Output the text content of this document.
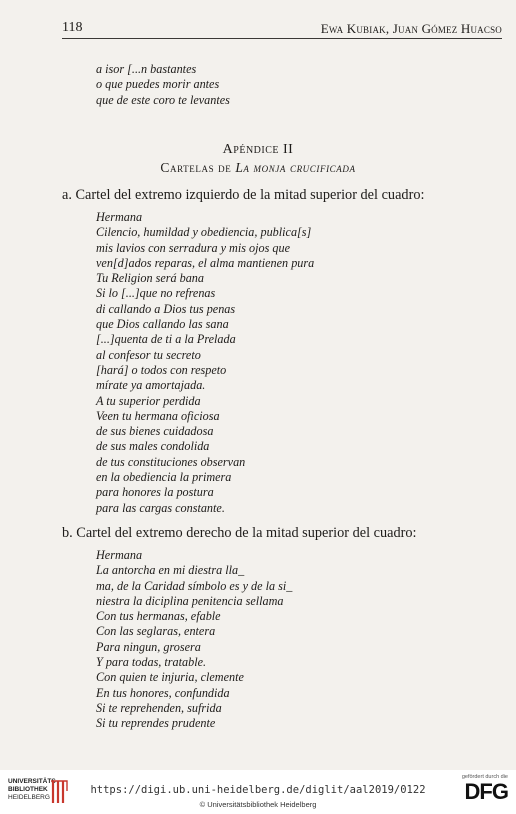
118	Ewa Kubiak, Juan Gómez Huacso
a isor [...n bastantes
o que puedes morir antes
que de este coro te levantes
Apéndice II
Cartelas de La monja crucificada
a. Cartel del extremo izquierdo de la mitad superior del cuadro:
Hermana
Cilencio, humildad y obediencia, publica[s]
mis lavios con serradura y mis ojos que
ven[d]ados reparas, el alma mantienen pura
Tu Religion será bana
Si lo [...]que no refrenas
di callando a Dios tus penas
que Dios callando las sana
[...]quenta de ti a la Prelada
al confesor tu secreto
[hará] o todos con respeto
mírate ya amortajada.
A tu superior perdida
Veen tu hermana oficiosa
de sus bienes cuidadosa
de sus males condolida
de tus constituciones observan
en la obediencia la primera
para honores la postura
para las cargas constante.
b. Cartel del extremo derecho de la mitad superior del cuadro:
Hermana
La antorcha en mi diestra lla_
ma, de la Caridad símbolo es y de la si_
niestra la diciplina penitencia sellama
Con tus hermanas, efable
Con las seglaras, entera
Para ningun, grosera
Y para todas, tratable.
Con quien te injuria, clemente
En tus honores, confundida
Si te reprehenden, sufrida
Si tu reprendes prudente
UNIVERSITÄTS-
BIBLIOTHEK
HEIDELBERG
https://digi.ub.uni-heidelberg.de/diglit/aal2019/0122
© Universitätsbibliothek Heidelberg
gefördert durch die
DFG
